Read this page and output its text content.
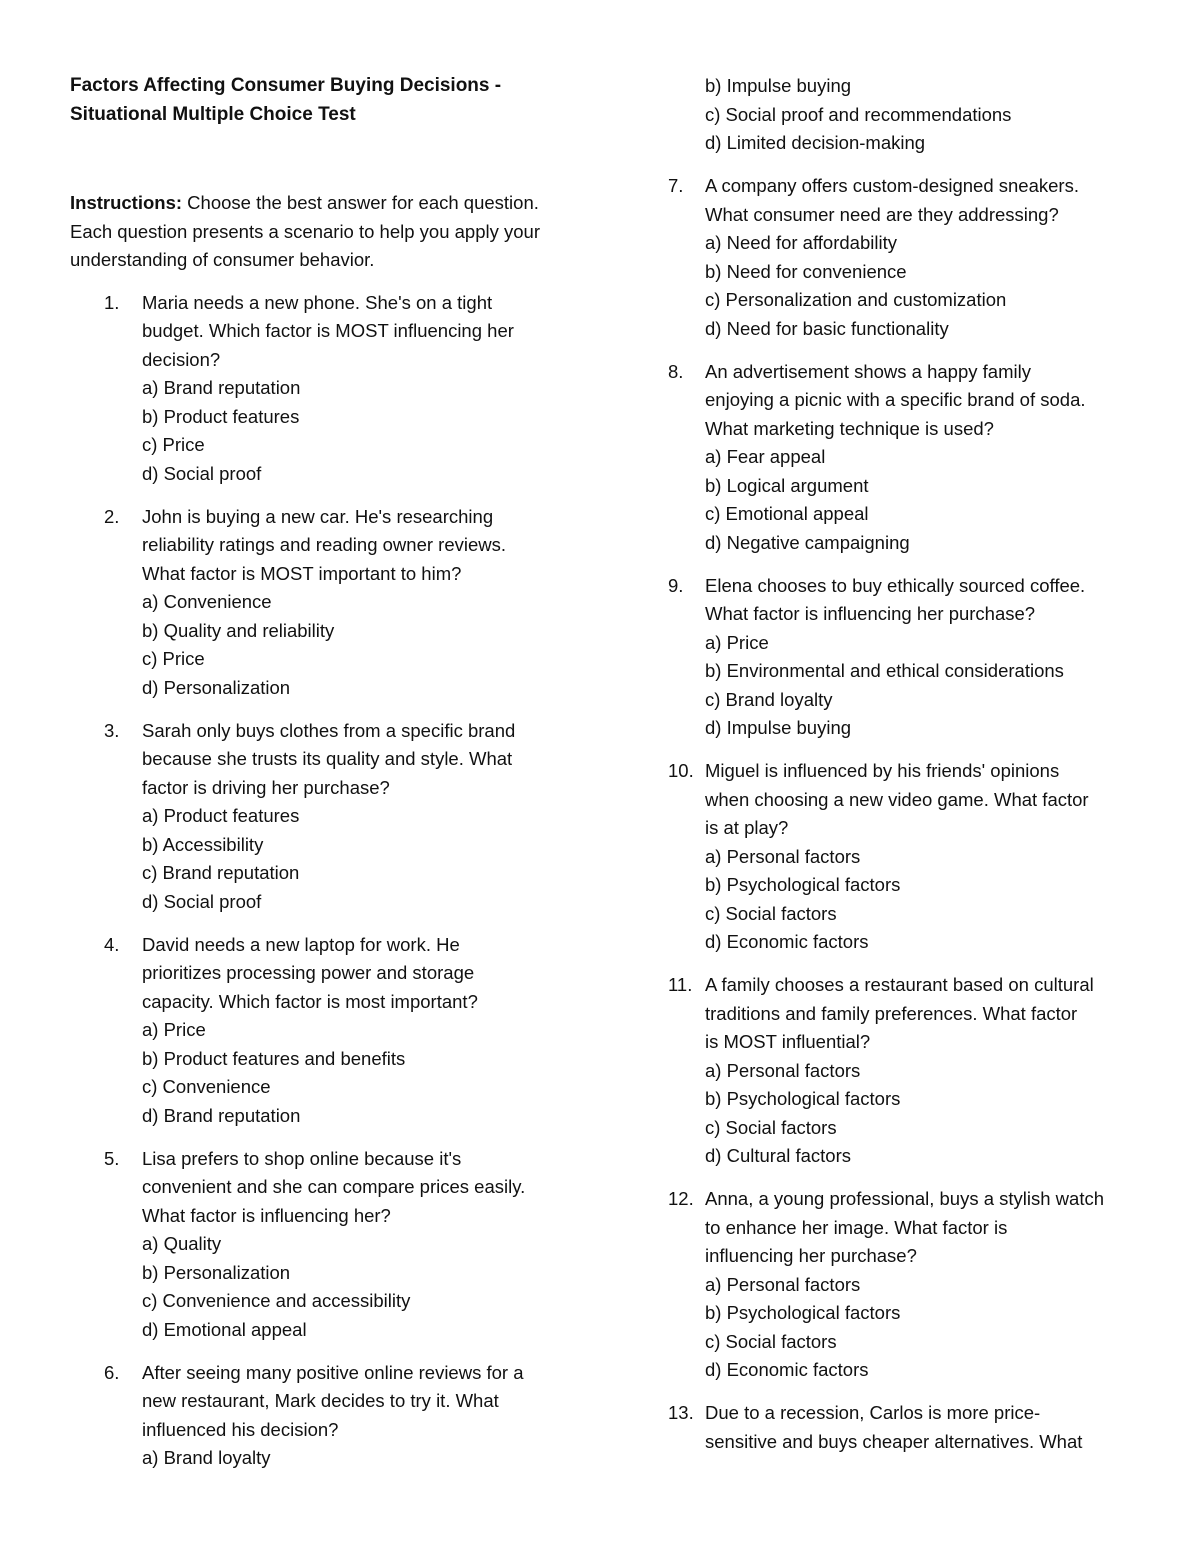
Factors Affecting Consumer Buying Decisions -
Situational Multiple Choice Test

Instructions: Choose the best answer for each question. Each question presents a scenario to help you apply your understanding of consumer behavior.

1. Maria needs a new phone. She's on a tight
budget. Which factor is MOST influencing her
decision?
a) Brand reputation
b) Product features
c) Price
d) Social proof
2. John is buying a new car. He's researching
reliability ratings and reading owner reviews.
What factor is MOST important to him?
a) Convenience
b) Quality and reliability
c) Price
d) Personalization
3. Sarah only buys clothes from a specific brand
because she trusts its quality and style. What
factor is driving her purchase?
a) Product features
b) Accessibility
c) Brand reputation
d) Social proof
4. David needs a new laptop for work. He
prioritizes processing power and storage
capacity. Which factor is most important?
a) Price
b) Product features and benefits
c) Convenience
d) Brand reputation
5. Lisa prefers to shop online because it's
convenient and she can compare prices easily.
What factor is influencing her?
a) Quality
b) Personalization
c) Convenience and accessibility
d) Emotional appeal
6. After seeing many positive online reviews for a
new restaurant, Mark decides to try it. What
influenced his decision?
a) Brand loyalty
b) Impulse buying
c) Social proof and recommendations
d) Limited decision-making
7. A company offers custom-designed sneakers.
What consumer need are they addressing?
a) Need for affordability
b) Need for convenience
c) Personalization and customization
d) Need for basic functionality
8. An advertisement shows a happy family
enjoying a picnic with a specific brand of soda.
What marketing technique is used?
a) Fear appeal
b) Logical argument
c) Emotional appeal
d) Negative campaigning
9. Elena chooses to buy ethically sourced coffee.
What factor is influencing her purchase?
a) Price
b) Environmental and ethical considerations
c) Brand loyalty
d) Impulse buying
10. Miguel is influenced by his friends' opinions
when choosing a new video game. What factor
is at play?
a) Personal factors
b) Psychological factors
c) Social factors
d) Economic factors
11. A family chooses a restaurant based on cultural
traditions and family preferences. What factor
is MOST influential?
a) Personal factors
b) Psychological factors
c) Social factors
d) Cultural factors
12. Anna, a young professional, buys a stylish watch
to enhance her image. What factor is
influencing her purchase?
a) Personal factors
b) Psychological factors
c) Social factors
d) Economic factors
13. Due to a recession, Carlos is more price-
sensitive and buys cheaper alternatives. What
